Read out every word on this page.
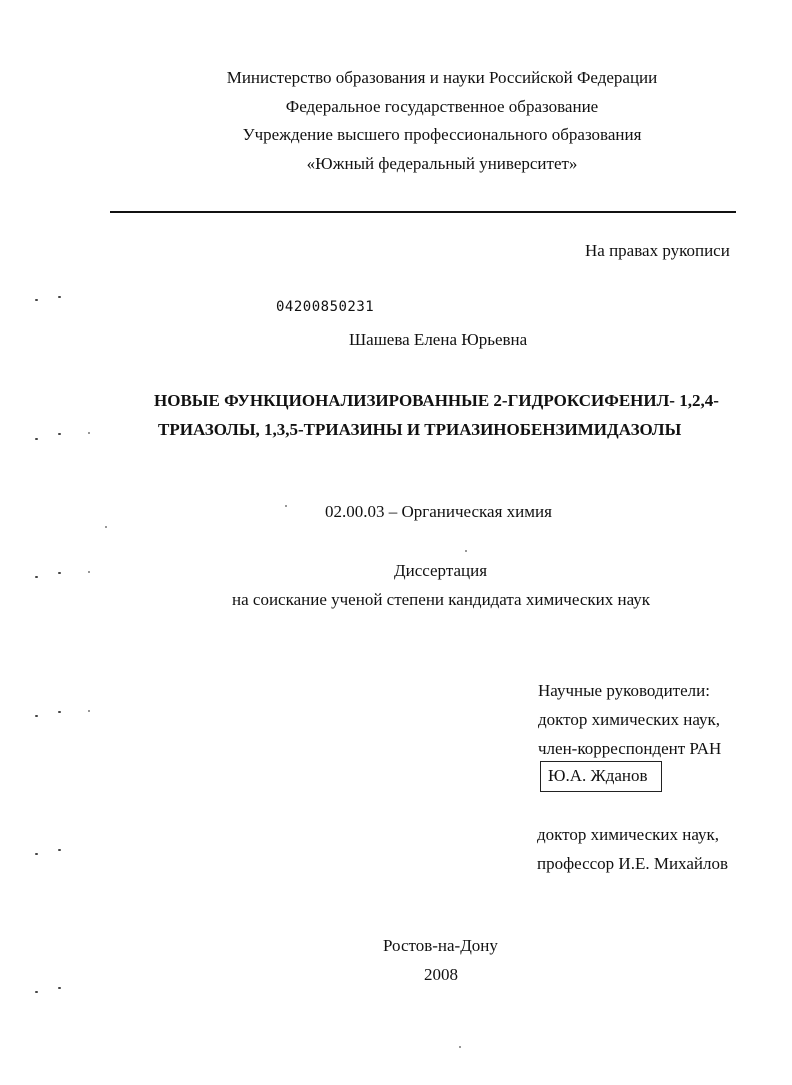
Министерство образования и науки Российской Федерации
Федеральное государственное образование
Учреждение высшего профессионального образования
«Южный федеральный университет»
На правах рукописи
04200850231
Шашева Елена Юрьевна
НОВЫЕ ФУНКЦИОНАЛИЗИРОВАННЫЕ 2-ГИДРОКСИФЕНИЛ- 1,2,4-
ТРИАЗОЛЫ, 1,3,5-ТРИАЗИНЫ И ТРИАЗИНОБЕНЗИМИДАЗОЛЫ
02.00.03 – Органическая химия
Диссертация
на соискание ученой степени кандидата химических наук
Научные руководители:
доктор химических наук,
член-корреспондент РАН
Ю.А. Жданов
доктор химических наук,
профессор И.Е. Михайлов
Ростов-на-Дону
2008
